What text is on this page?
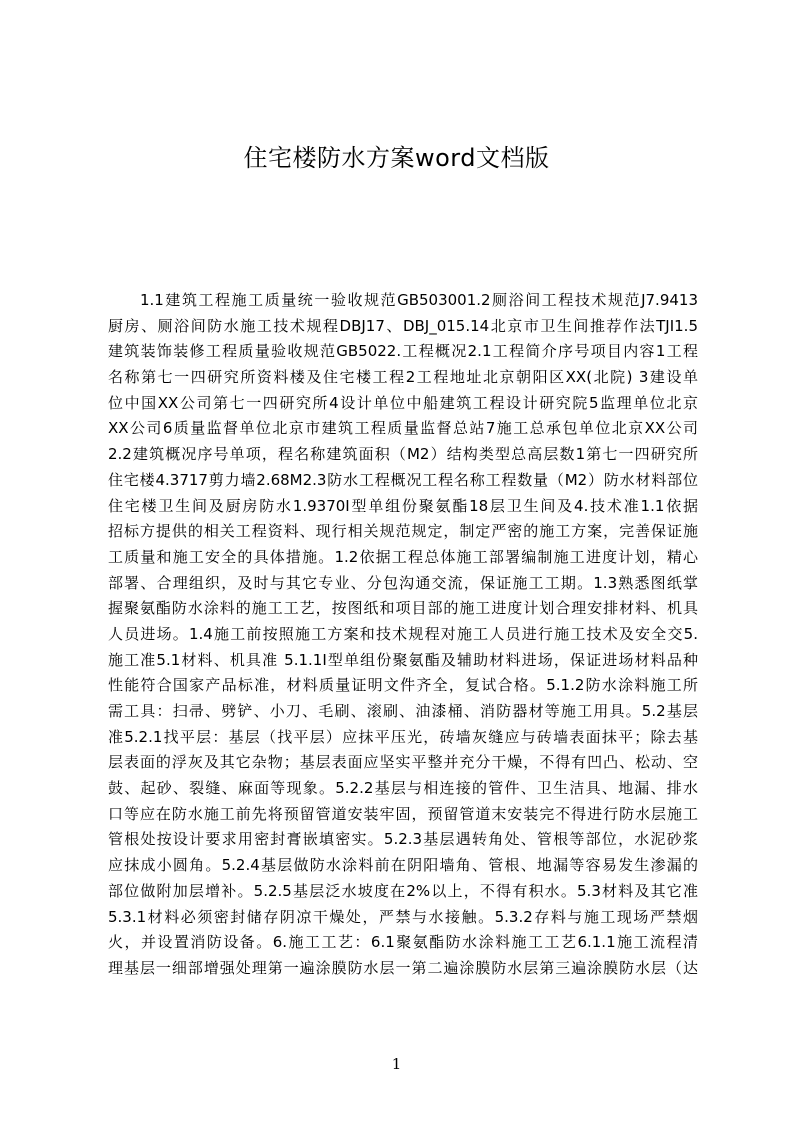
住宅楼防水方案word文档版
1.1建筑工程施工质量统一验收规范GB503001.2厕浴间工程技术规范J7.9413
厨房、厕浴间防水施工技术规程DBJ17、DBJ_015.14北京市卫生间推荐作法TJI1.5
建筑装饰装修工程质量验收规范GB5022.工程概况2.1工程简介序号项目内容1工程
名称第七一四研究所资料楼及住宅楼工程2工程地址北京朝阳区XX(北院) 3建设单
位中国XX公司第七一四研究所4设计单位中船建筑工程设计研究院5监理单位北京
XX公司6质量监督单位北京市建筑工程质量监督总站7施工总承包单位北京XX公司
2.2建筑概况序号单项，程名称建筑面积（M2）结构类型总高层数1第七一四研究所
住宅楼4.3717剪力墙2.68M2.3防水工程概况工程名称工程数量（M2）防水材料部位
住宅楼卫生间及厨房防水1.9370I型单组份聚氨酯18层卫生间及4.技术准1.1依据
招标方提供的相关工程资料、现行相关规范规定，制定严密的施工方案，完善保证施
工质量和施工安全的具体措施。1.2依据工程总体施工部署编制施工进度计划，精心
部署、合理组织，及时与其它专业、分包沟通交流，保证施工工期。1.3熟悉图纸掌
握聚氨酯防水涂料的施工工艺，按图纸和项目部的施工进度计划合理安排材料、机具
人员进场。1.4施工前按照施工方案和技术规程对施工人员进行施工技术及安全交5.
施工准5.1材料、机具准 5.1.1I型单组份聚氨酯及辅助材料进场，保证进场材料品种
性能符合国家产品标准，材料质量证明文件齐全，复试合格。5.1.2防水涂料施工所
需工具：扫帚、劈铲、小刀、毛刷、滚刷、油漆桶、消防器材等施工用具。5.2基层
准5.2.1找平层：基层（找平层）应抹平压光，砖墙灰缝应与砖墙表面抹平；除去基
层表面的浮灰及其它杂物；基层表面应坚实平整并充分干燥，不得有凹凸、松动、空
鼓、起砂、裂缝、麻面等现象。5.2.2基层与相连接的管件、卫生洁具、地漏、排水
口等应在防水施工前先将预留管道安装牢固，预留管道末安装完不得进行防水层施工
管根处按设计要求用密封膏嵌填密实。5.2.3基层遇转角处、管根等部位，水泥砂浆
应抹成小圆角。5.2.4基层做防水涂料前在阴阳墙角、管根、地漏等容易发生渗漏的
部位做附加层增补。5.2.5基层泛水坡度在2%以上，不得有积水。5.3材料及其它准
5.3.1材料必须密封储存阴凉干燥处，严禁与水接触。5.3.2存料与施工现场严禁烟
火，并设置消防设备。6.施工工艺：6.1聚氨酯防水涂料施工工艺6.1.1施工流程清
理基层一细部增强处理第一遍涂膜防水层一第二遍涂膜防水层第三遍涂膜防水层（达
1
